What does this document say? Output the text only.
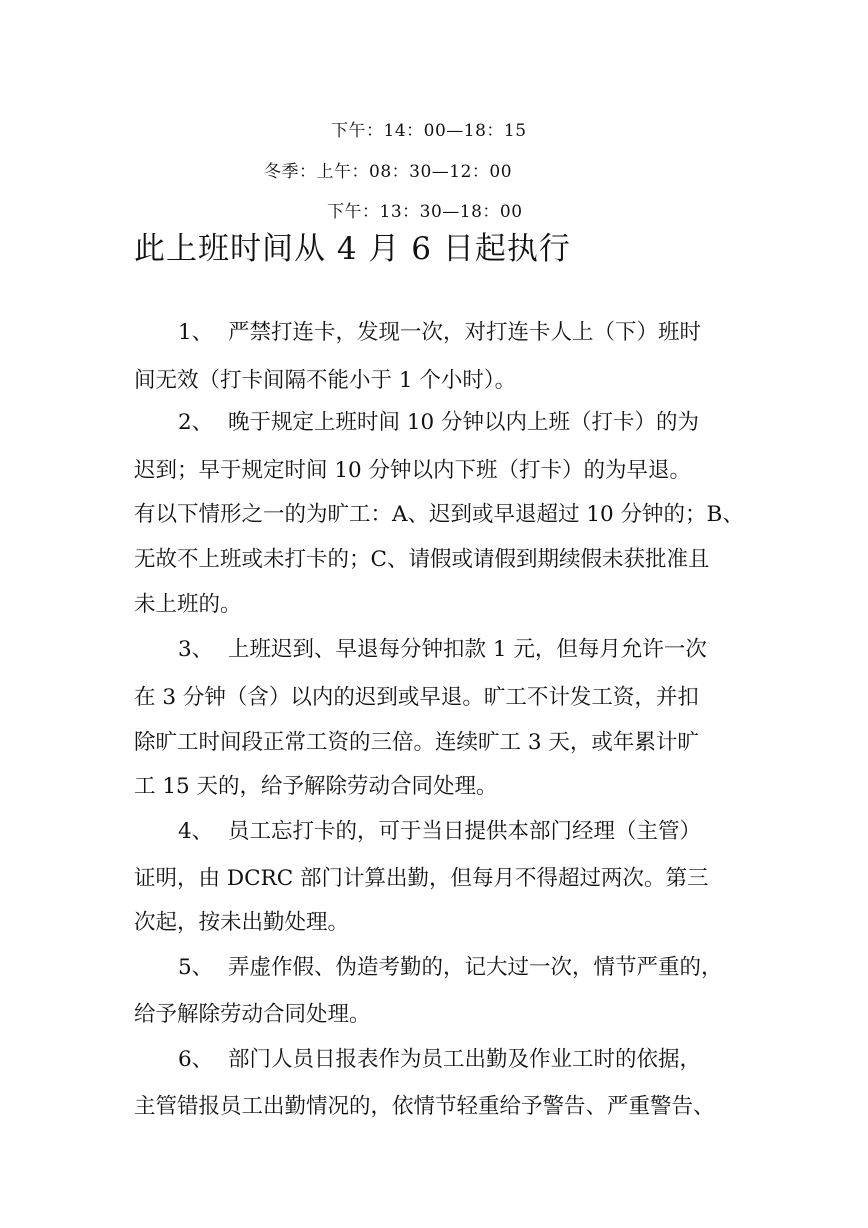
下午：14：00—18：15
冬季：上午：08：30—12：00
下午：13：30—18：00
此上班时间从 4 月 6 日起执行
1、 严禁打连卡，发现一次，对打连卡人上（下）班时
间无效（打卡间隔不能小于 1 个小时）。
2、 晚于规定上班时间 10 分钟以内上班（打卡）的为
迟到；早于规定时间 10 分钟以内下班（打卡）的为早退。
有以下情形之一的为旷工：A、迟到或早退超过 10 分钟的；B、
无故不上班或未打卡的；C、请假或请假到期续假未获批准且
未上班的。
3、 上班迟到、早退每分钟扣款 1 元，但每月允许一次
在 3 分钟（含）以内的迟到或早退。旷工不计发工资，并扣
除旷工时间段正常工资的三倍。连续旷工 3 天，或年累计旷
工 15 天的，给予解除劳动合同处理。
4、 员工忘打卡的，可于当日提供本部门经理（主管）
证明，由 DCRC 部门计算出勤，但每月不得超过两次。第三
次起，按未出勤处理。
5、 弄虚作假、伪造考勤的，记大过一次，情节严重的，
给予解除劳动合同处理。
6、 部门人员日报表作为员工出勤及作业工时的依据，
主管错报员工出勤情况的，依情节轻重给予警告、严重警告、
